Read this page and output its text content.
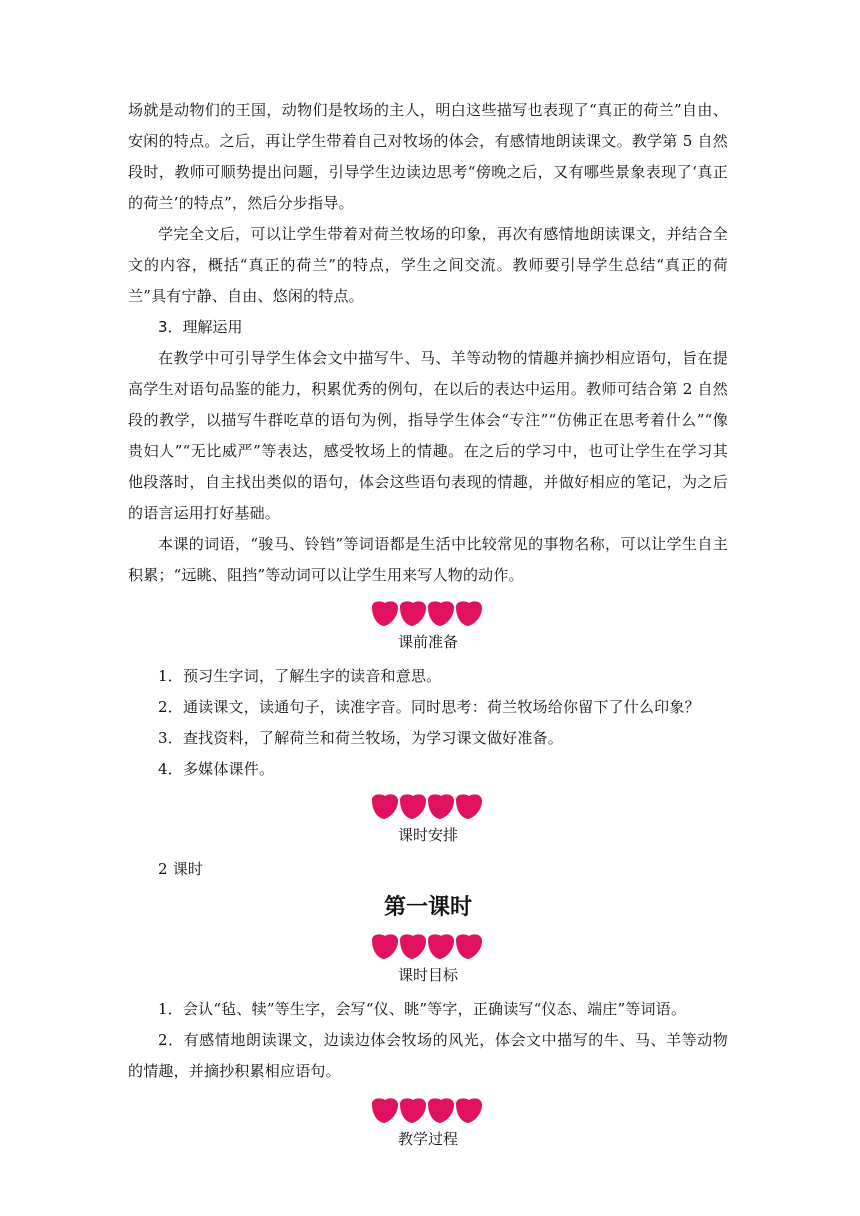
场就是动物们的王国，动物们是牧场的主人，明白这些描写也表现了“真正的荷兰”自由、安闲的特点。之后，再让学生带着自己对牧场的体会，有感情地朗读课文。教学第 5 自然段时，教师可顺势提出问题，引导学生边读边思考“傍晚之后，又有哪些景象表现了‘真正的荷兰’的特点”，然后分步指导。

学完全文后，可以让学生带着对荷兰牧场的印象，再次有感情地朗读课文，并结合全文的内容，概括“真正的荷兰”的特点，学生之间交流。教师要引导学生总结“真正的荷兰”具有宁静、自由、悠闲的特点。

3．理解运用

在教学中可引导学生体会文中描写牛、马、羊等动物的情趣并摘抄相应语句，旨在提高学生对语句品鉴的能力，积累优秀的例句，在以后的表达中运用。教师可结合第 2 自然段的教学，以描写牛群吃草的语句为例，指导学生体会“专注”“仿佛正在思考着什么”“像贵妇人”“无比威严”等表达，感受牧场上的情趣。在之后的学习中，也可让学生在学习其他段落时，自主找出类似的语句，体会这些语句表现的情趣，并做好相应的笔记，为之后的语言运用打好基础。

本课的词语，“骏马、铃铛”等词语都是生活中比较常见的事物名称，可以让学生自主积累；“远眺、阻挡”等动词可以让学生用来写人物的动作。

课前准备

1．预习生字词，了解生字的读音和意思。

2．通读课文，读通句子，读准字音。同时思考：荷兰牧场给你留下了什么印象？

3．查找资料，了解荷兰和荷兰牧场，为学习课文做好准备。

4．多媒体课件。

课时安排

2 课时

第一课时

课时目标

1．会认“毡、犊”等生字，会写“仪、眺”等字，正确读写“仪态、端庄”等词语。

2．有感情地朗读课文，边读边体会牧场的风光，体会文中描写的牛、马、羊等动物的情趣，并摘抄积累相应语句。

教学过程
